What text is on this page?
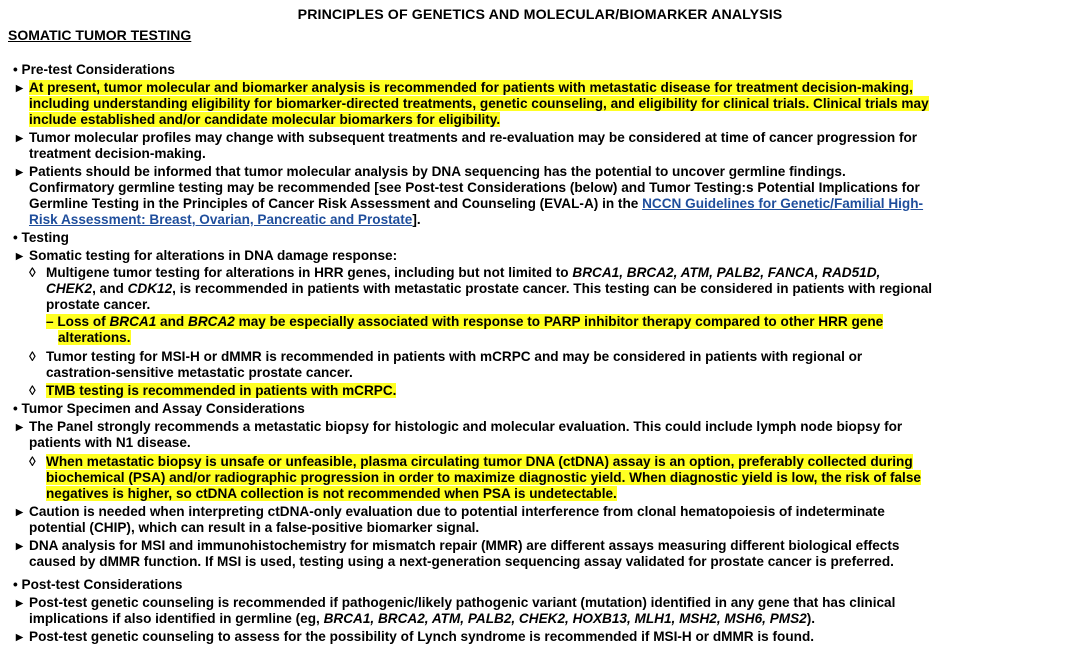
PRINCIPLES OF GENETICS AND MOLECULAR/BIOMARKER ANALYSIS
SOMATIC TUMOR TESTING
• Pre-test Considerations
▸ At present, tumor molecular and biomarker analysis is recommended for patients with metastatic disease for treatment decision-making,
including understanding eligibility for biomarker-directed treatments, genetic counseling, and eligibility for clinical trials. Clinical trials may
include established and/or candidate molecular biomarkers for eligibility.
▸ Tumor molecular profiles may change with subsequent treatments and re-evaluation may be considered at time of cancer progression for
treatment decision-making.
▸ Patients should be informed that tumor molecular analysis by DNA sequencing has the potential to uncover germline findings.
Confirmatory germline testing may be recommended [see Post-test Considerations (below) and Tumor Testing:s Potential Implications for
Germline Testing in the Principles of Cancer Risk Assessment and Counseling (EVAL-A) in the NCCN Guidelines for Genetic/Familial High-
Risk Assessment: Breast, Ovarian, Pancreatic and Prostate].
• Testing
▸ Somatic testing for alterations in DNA damage response:
◊ Multigene tumor testing for alterations in HRR genes, including but not limited to BRCA1, BRCA2, ATM, PALB2, FANCA, RAD51D,
CHEK2, and CDK12, is recommended in patients with metastatic prostate cancer. This testing can be considered in patients with regional
prostate cancer.
– Loss of BRCA1 and BRCA2 may be especially associated with response to PARP inhibitor therapy compared to other HRR gene
alterations.
◊ Tumor testing for MSI-H or dMMR is recommended in patients with mCRPC and may be considered in patients with regional or
castration-sensitive metastatic prostate cancer.
◊ TMB testing is recommended in patients with mCRPC.
• Tumor Specimen and Assay Considerations
▸ The Panel strongly recommends a metastatic biopsy for histologic and molecular evaluation. This could include lymph node biopsy for
patients with N1 disease.
◊ When metastatic biopsy is unsafe or unfeasible, plasma circulating tumor DNA (ctDNA) assay is an option, preferably collected during
biochemical (PSA) and/or radiographic progression in order to maximize diagnostic yield. When diagnostic yield is low, the risk of false
negatives is higher, so ctDNA collection is not recommended when PSA is undetectable.
▸ Caution is needed when interpreting ctDNA-only evaluation due to potential interference from clonal hematopoiesis of indeterminate
potential (CHIP), which can result in a false-positive biomarker signal.
▸ DNA analysis for MSI and immunohistochemistry for mismatch repair (MMR) are different assays measuring different biological effects
caused by dMMR function. If MSI is used, testing using a next-generation sequencing assay validated for prostate cancer is preferred.
• Post-test Considerations
▸ Post-test genetic counseling is recommended if pathogenic/likely pathogenic variant (mutation) identified in any gene that has clinical
implications if also identified in germline (eg, BRCA1, BRCA2, ATM, PALB2, CHEK2, HOXB13, MLH1, MSH2, MSH6, PMS2).
▸ Post-test genetic counseling to assess for the possibility of Lynch syndrome is recommended if MSI-H or dMMR is found.
